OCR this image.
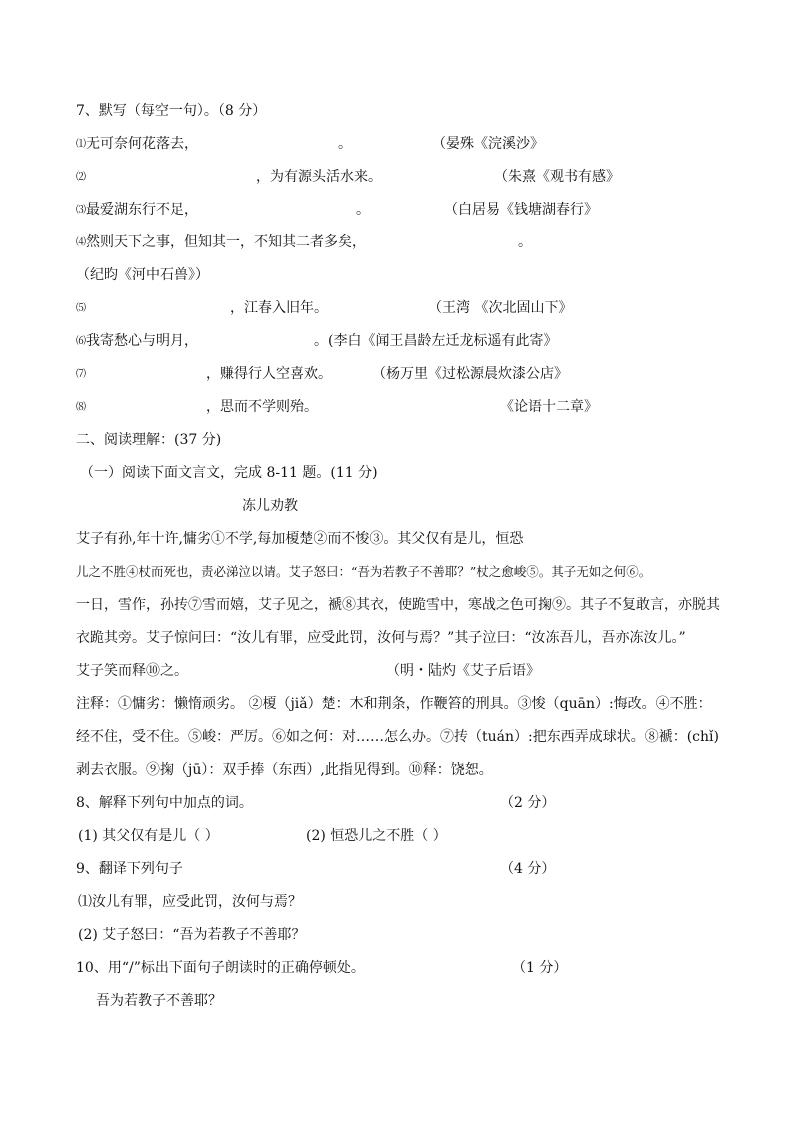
7、默写（每空一句）。（8 分）
⑴无可奈何花落去，	。	（晏殊《浣溪沙》
⑵	，为有源头活水来。	（朱熹《观书有感》
⑶最爱湖东行不足，	。	（白居易《钱塘湖春行》
⑷然则天下之事，但知其一，不知其二者多矣，	。
（纪昀《河中石兽》）
⑸	，江春入旧年。	（王湾 《次北固山下》
⑹我寄愁心与明月，	。(李白《闻王昌龄左迁龙标遥有此寄》
⑺	，赚得行人空喜欢。	（杨万里《过松源晨炊漆公店》
⑻	，思而不学则殆。	《论语十二章》
二、阅读理解：(37 分)
（一）阅读下面文言文，完成 8-11 题。(11 分)
冻儿劝教
艾子有孙,年十许,慵劣①不学,每加榎楚②而不悛③。其父仅有是儿，恒恐
儿之不胜④杖而死也，责必涕泣以请。艾子怒曰：“吾为若教子不善耶？”杖之愈峻⑤。其子无如之何⑥。
一日，雪作，孙抟⑦雪而嬉，艾子见之，褫⑧其衣，使跪雪中，寒战之色可掬⑨。其子不复敢言，亦脱其
衣跪其旁。艾子惊问曰：“汝儿有罪，应受此罚，汝何与焉？”其子泣曰：“汝冻吾儿，吾亦冻汝儿。”
艾子笑而释⑩之。	（明・陆灼《艾子后语》
注释：①慵劣：懒惰顽劣。 ②榎（jiǎ）楚：木和荆条，作鞭笞的刑具。③悛（quān）:悔改。④不胜：
经不住，受不住。⑤峻：严厉。⑥如之何：对……怎么办。⑦抟（tuán）:把东西弄成球状。⑧褫：(chǐ)
剥去衣服。⑨掬（jū）：双手捧（东西）,此指见得到。⑩释：饶恕。
8、解释下列句中加点的词。	（2 分）
(1) 其父仅有是儿（ ）	(2) 恒恐儿之不胜（ ）
9、翻译下列句子	（4 分）
⑴汝儿有罪，应受此罚，汝何与焉？
(2) 艾子怒曰：“吾为若教子不善耶？
10、用“/”标出下面句子朗读时的正确停顿处。	（1 分）
吾为若教子不善耶？
